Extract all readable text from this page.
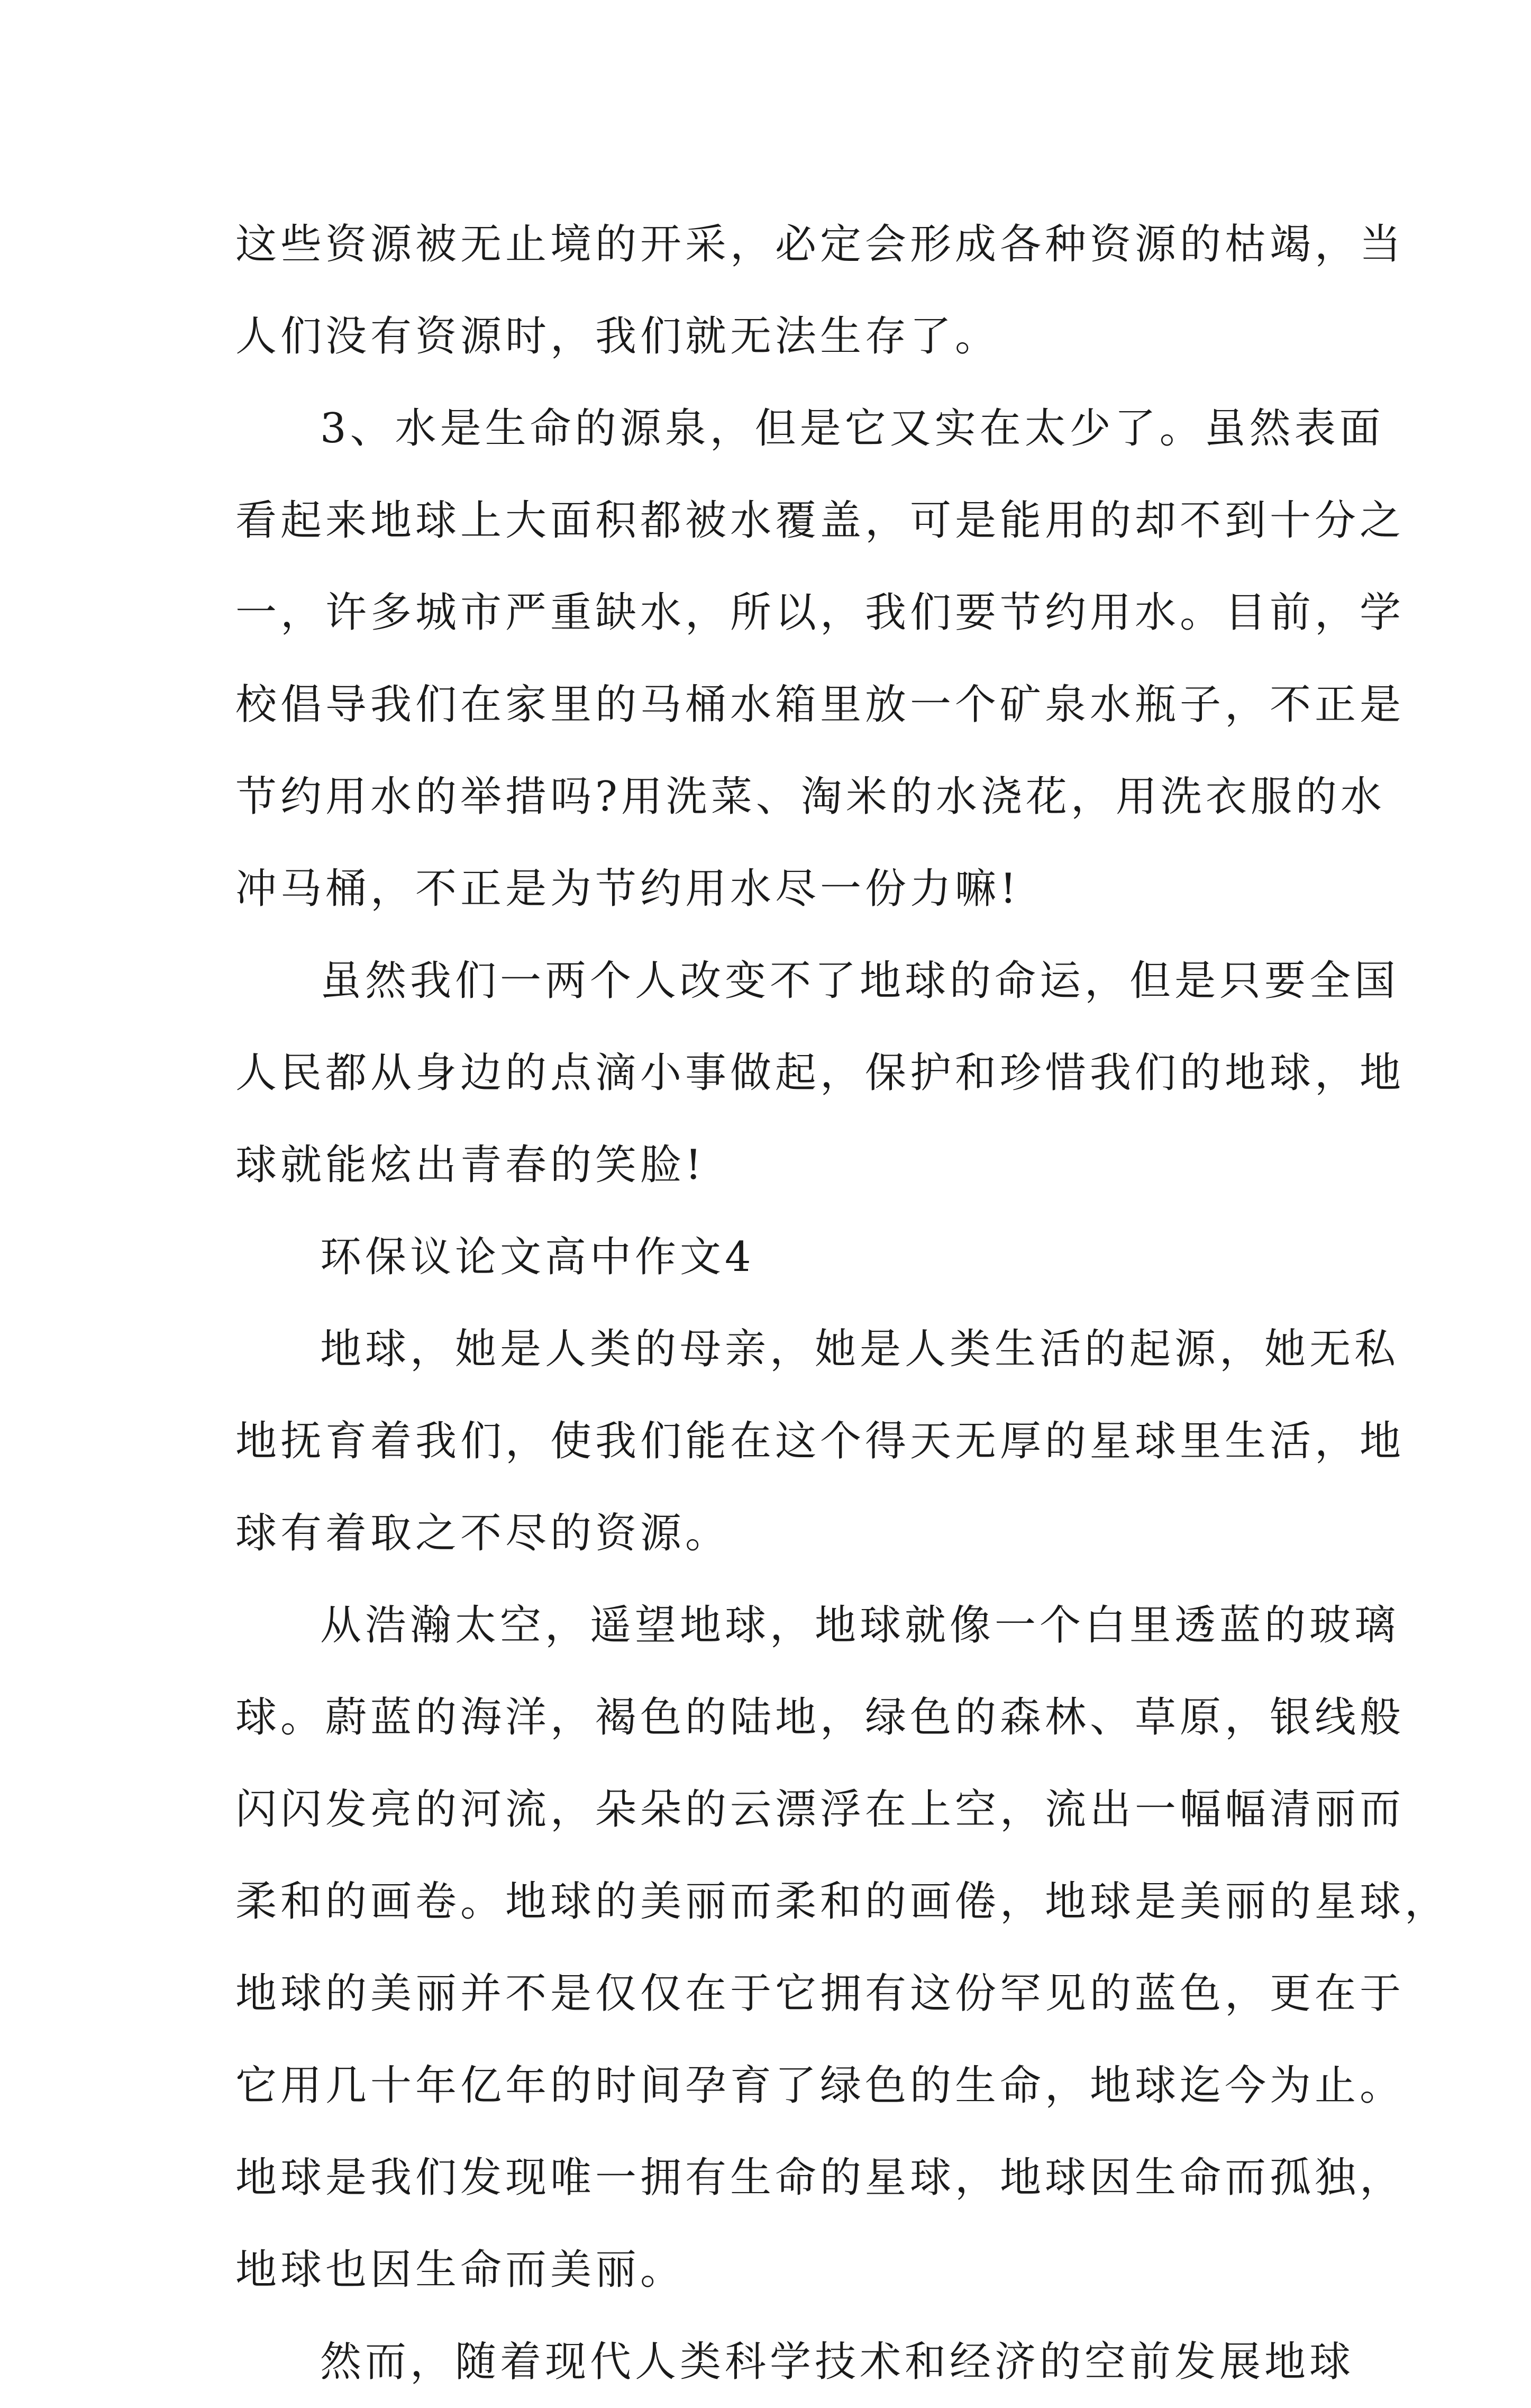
这些资源被无止境的开采，必定会形成各种资源的枯竭，当
人们没有资源时，我们就无法生存了。
3、水是生命的源泉，但是它又实在太少了。虽然表面
看起来地球上大面积都被水覆盖，可是能用的却不到十分之
一，许多城市严重缺水，所以，我们要节约用水。目前，学
校倡导我们在家里的马桶水箱里放一个矿泉水瓶子，不正是
节约用水的举措吗?用洗菜、淘米的水浇花，用洗衣服的水
冲马桶，不正是为节约用水尽一份力嘛!
虽然我们一两个人改变不了地球的命运，但是只要全国
人民都从身边的点滴小事做起，保护和珍惜我们的地球，地
球就能炫出青春的笑脸!
环保议论文高中作文4
地球，她是人类的母亲，她是人类生活的起源，她无私
地抚育着我们，使我们能在这个得天无厚的星球里生活，地
球有着取之不尽的资源。
从浩瀚太空，遥望地球，地球就像一个白里透蓝的玻璃
球。蔚蓝的海洋，褐色的陆地，绿色的森林、草原，银线般
闪闪发亮的河流，朵朵的云漂浮在上空，流出一幅幅清丽而
柔和的画卷。地球的美丽而柔和的画倦，地球是美丽的星球，
地球的美丽并不是仅仅在于它拥有这份罕见的蓝色，更在于
它用几十年亿年的时间孕育了绿色的生命，地球迄今为止。
地球是我们发现唯一拥有生命的星球，地球因生命而孤独，
地球也因生命而美丽。
然而，随着现代人类科学技术和经济的空前发展地球
